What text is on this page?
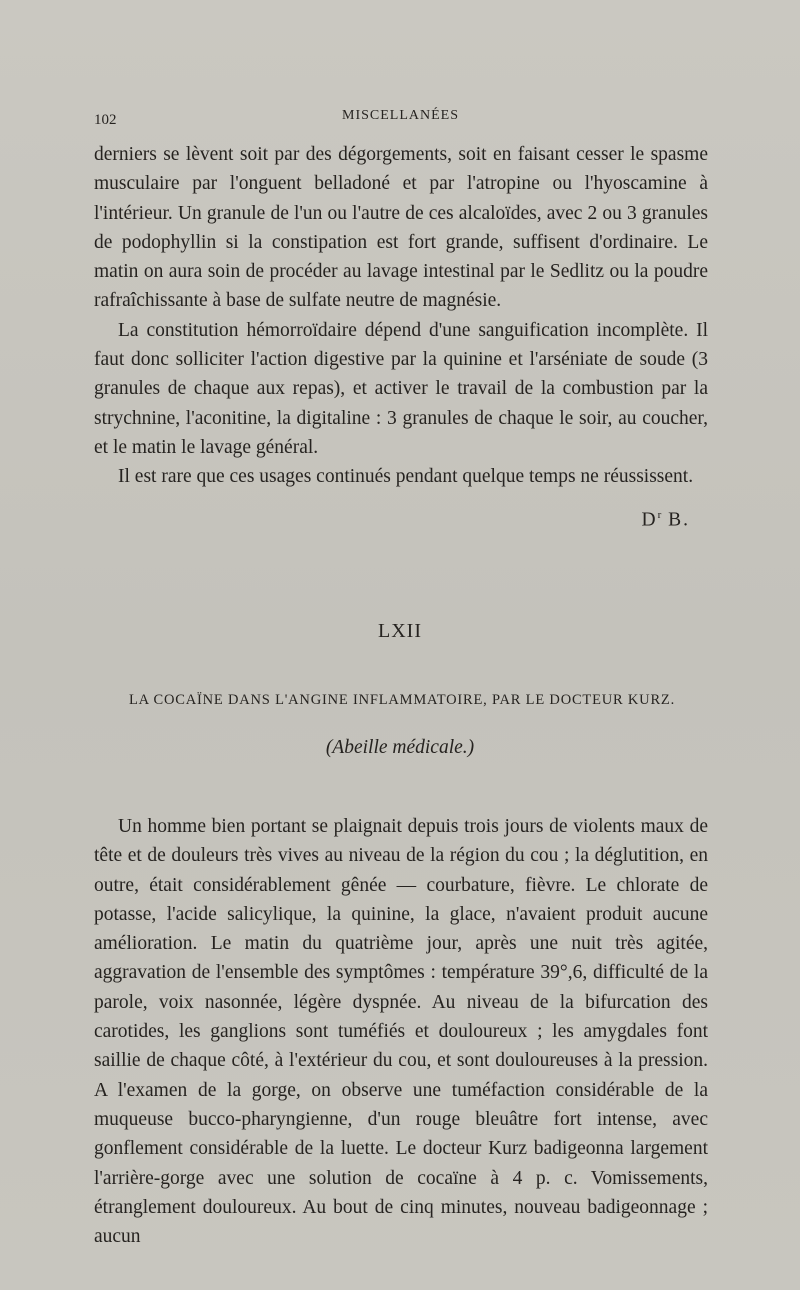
102	MISCELLANÉES

derniers se lèvent soit par des dégorgements, soit en faisant cesser le spasme musculaire par l'onguent belladoné et par l'atropine ou l'hyoscamine à l'intérieur. Un granule de l'un ou l'autre de ces alcaloïdes, avec 2 ou 3 granules de podophyllin si la constipation est fort grande, suffisent d'ordinaire. Le matin on aura soin de procéder au lavage intestinal par le Sedlitz ou la poudre rafraîchissante à base de sulfate neutre de magnésie.

La constitution hémorroïdaire dépend d'une sanguification incomplète. Il faut donc solliciter l'action digestive par la quinine et l'arséniate de soude (3 granules de chaque aux repas), et activer le travail de la combustion par la strychnine, l'aconitine, la digitaline : 3 granules de chaque le soir, au coucher, et le matin le lavage général.

Il est rare que ces usages continués pendant quelque temps ne réussissent.

$D^r$ B.
LXII
LA COCAÏNE DANS L'ANGINE INFLAMMATOIRE, PAR LE DOCTEUR KURZ.
(Abeille médicale.)

Un homme bien portant se plaignait depuis trois jours de violents maux de tête et de douleurs très vives au niveau de la région du cou ; la déglutition, en outre, était considérablement gênée — courbature, fièvre. Le chlorate de potasse, l'acide salicylique, la quinine, la glace, n'avaient produit aucune amélioration. Le matin du quatrième jour, après une nuit très agitée, aggravation de l'ensemble des symptômes : température 39°,6, difficulté de la parole, voix nasonnée, légère dyspnée. Au niveau de la bifurcation des carotides, les ganglions sont tuméfiés et douloureux ; les amygdales font saillie de chaque côté, à l'extérieur du cou, et sont douloureuses à la pression. A l'examen de la gorge, on observe une tuméfaction considérable de la muqueuse bucco-pharyngienne, d'un rouge bleuâtre fort intense, avec gonflement considérable de la luette. Le docteur Kurz badigeonna largement l'arrière-gorge avec une solution de cocaïne à 4 p. c. Vomissements, étranglement douloureux. Au bout de cinq minutes, nouveau badigeonnage ; aucun
